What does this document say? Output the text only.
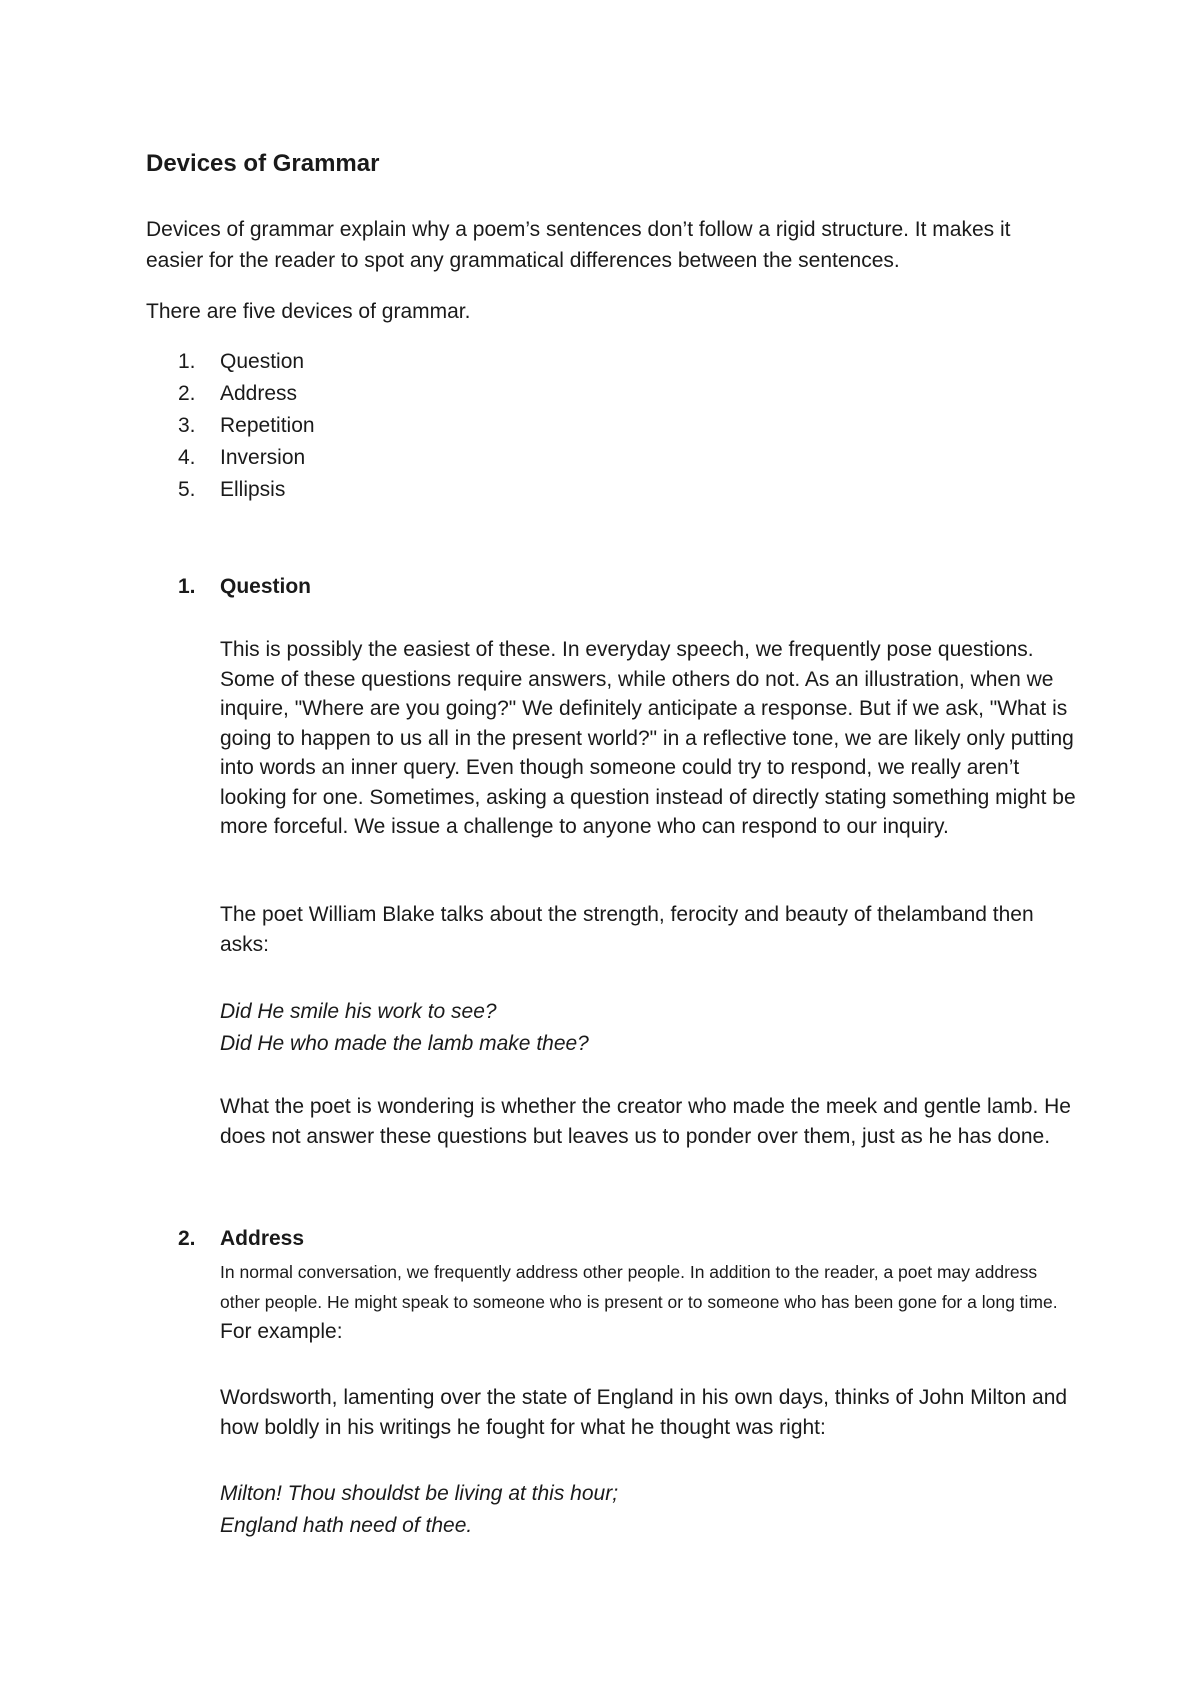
Devices of Grammar

Devices of grammar explain why a poem’s sentences don’t follow a rigid structure. It makes it easier for the reader to spot any grammatical differences between the sentences.

There are five devices of grammar.

1.	Question
2.	Address
3.	Repetition
4.	Inversion
5.	Ellipsis
1.	Question

This is possibly the easiest of these. In everyday speech, we frequently pose questions. Some of these questions require answers, while others do not. As an illustration, when we inquire, "Where are you going?" We definitely anticipate a response. But if we ask, "What is going to happen to us all in the present world?" in a reflective tone, we are likely only putting into words an inner query. Even though someone could try to respond, we really aren’t looking for one. Sometimes, asking a question instead of directly stating something might be more forceful. We issue a challenge to anyone who can respond to our inquiry.

The poet William Blake talks about the strength, ferocity and beauty of thelamband then asks:

Did He smile his work to see?
Did He who made the lamb make thee?

What the poet is wondering is whether the creator who made the meek and gentle lamb. He does not answer these questions but leaves us to ponder over them, just as he has done.

2.	Address

In normal conversation, we frequently address other people. In addition to the reader, a poet may address other people. He might speak to someone who is present or to someone who has been gone for a long time. For example:

Wordsworth, lamenting over the state of England in his own days, thinks of John Milton and how boldly in his writings he fought for what he thought was right:

Milton! Thou shouldst be living at this hour;
England hath need of thee.
